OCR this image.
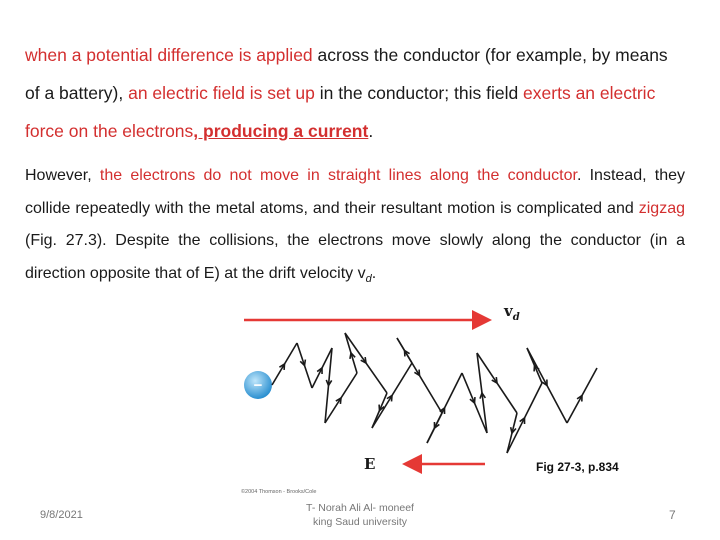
when a potential difference is applied across the conductor (for example, by means of a battery), an electric field is set up in the conductor; this field exerts an electric force on the electrons, producing a current.

However, the electrons do not move in straight lines along the conductor. Instead, they collide repeatedly with the metal atoms, and their resultant motion is complicated and zigzag (Fig. 27.3). Despite the collisions, the electrons move slowly along the conductor (in a direction opposite that of E) at the drift velocity $v_d$.

$v_d$
E
−
Fig 27-3, p.834
©2004 Thomson - Brooks/Cole
9/8/2021
T- Norah Ali Al- moneef
king Saud university	7
